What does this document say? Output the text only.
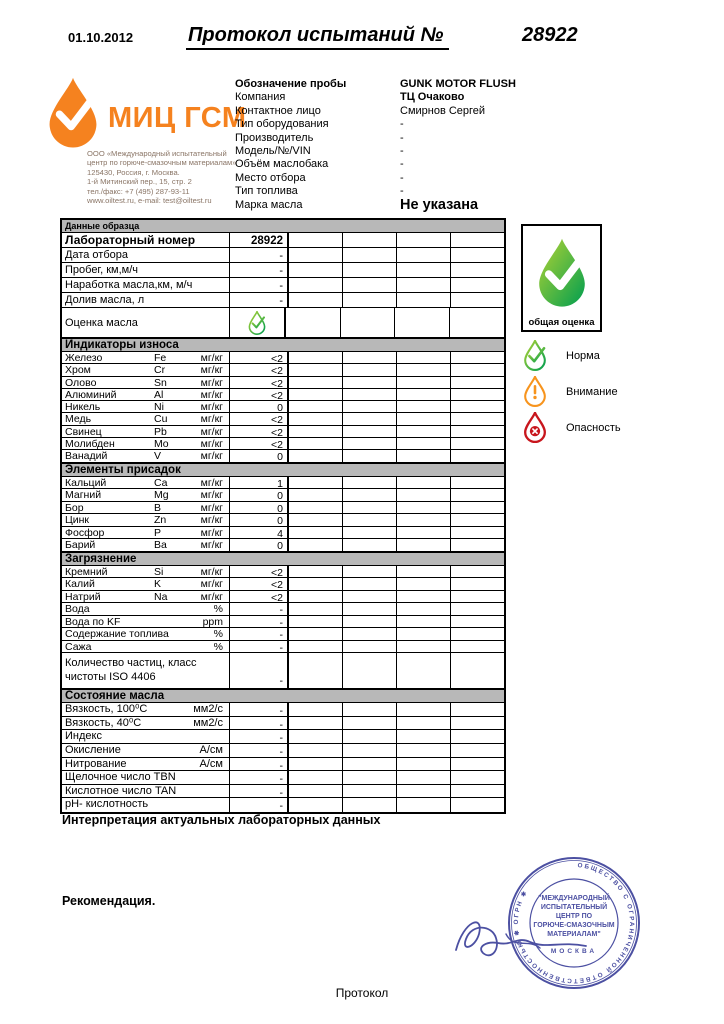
01.10.2012	Протокол испытаний №	28922
МИЦ ГСМ
ООО «Международный испытательный
центр по горюче-смазочным материалам»
125430, Россия, г. Москва.
1-й Митинский пер., 15, стр. 2
тел./факс: +7 (495) 287-93-11
www.oiltest.ru, e-mail: test@oiltest.ru
Обозначение пробы	GUNK MOTOR FLUSH
Компания	ТЦ Очаково
Контактное лицо	Смирнов Сергей
Тип оборудования	-
Производитель	-
Модель/№/VIN	-
Объём маслобака	-
Место отбора	-
Тип топлива	-
Марка масла	Не указана
Данные образца
Лабораторный номер	28922
Дата отбора	-
Пробег, км,м/ч	-
Наработка масла,км, м/ч	-
Долив масла, л	-
Оценка масла
Индикаторы износа
Железо	Fe	мг/кг	<2
Хром	Cr	мг/кг	<2
Олово	Sn	мг/кг	<2
Алюминий	Al	мг/кг	<2
Никель	Ni	мг/кг	0
Медь	Cu	мг/кг	<2
Свинец	Pb	мг/кг	<2
Молибден	Mo	мг/кг	<2
Ванадий	V	мг/кг	0
Элементы присадок
Кальций	Ca	мг/кг	1
Магний	Mg	мг/кг	0
Бор	B	мг/кг	0
Цинк	Zn	мг/кг	0
Фосфор	P	мг/кг	4
Барий	Ba	мг/кг	0
Загрязнение
Кремний	Si	мг/кг	<2
Калий	K	мг/кг	<2
Натрий	Na	мг/кг	<2
Вода	%	-
Вода по KF	ppm	-
Содержание топлива	%	-
Сажа	%	-
Количество частиц, класс чистоты ISO 4406	-
Состояние масла
Вязкость, 100⁰С	мм2/с	-
Вязкость, 40⁰С	мм2/с	-
Индекс	-
Окисление	А/см	-
Нитрование	А/см	-
Щелочное число TBN	-
Кислотное число TAN	-
pH- кислотность	-
общая оценка
Норма
Внимание
Опасность
Интерпретация актуальных лабораторных данных
Рекомендация.
ОБЩЕСТВО С ОГРАНИЧЕННОЙ ОТВЕТСТВЕННОСТЬЮ ✱ ОГРН ✱
"МЕЖДУНАРОДНЫЙ
ИСПЫТАТЕЛЬНЫЙ
ЦЕНТР ПО
ГОРЮЧЕ-СМАЗОЧНЫМ
МАТЕРИАЛАМ"
МОСКВА
Протокол
